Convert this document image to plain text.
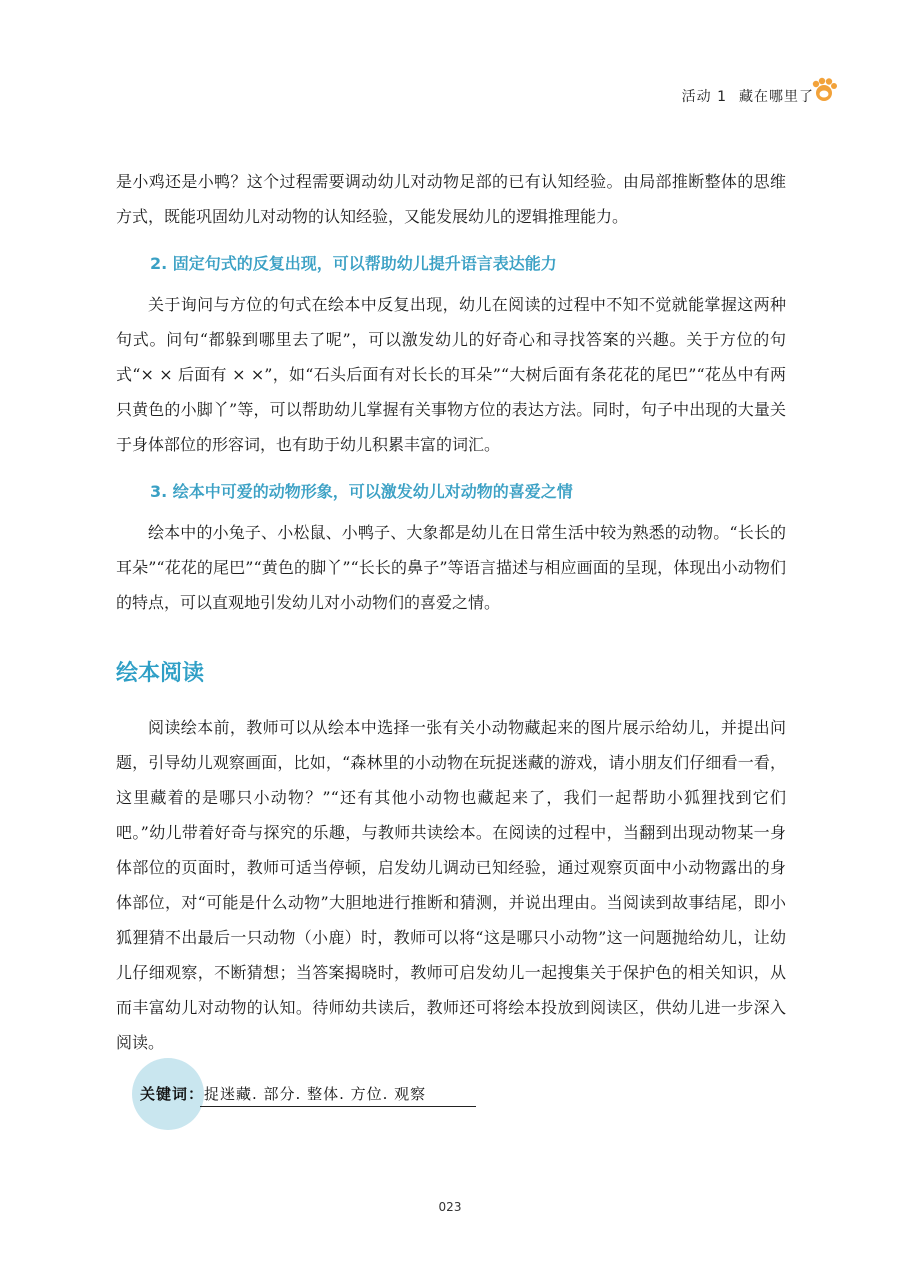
活动 1 藏在哪里了

是小鸡还是小鸭？这个过程需要调动幼儿对动物足部的已有认知经验。由局部推断整体的思维方式，既能巩固幼儿对动物的认知经验，又能发展幼儿的逻辑推理能力。

2. 固定句式的反复出现，可以帮助幼儿提升语言表达能力

关于询问与方位的句式在绘本中反复出现，幼儿在阅读的过程中不知不觉就能掌握这两种句式。问句“都躲到哪里去了呢”，可以激发幼儿的好奇心和寻找答案的兴趣。关于方位的句式“× × 后面有 × ×”，如“石头后面有对长长的耳朵”“大树后面有条花花的尾巴”“花丛中有两只黄色的小脚丫”等，可以帮助幼儿掌握有关事物方位的表达方法。同时，句子中出现的大量关于身体部位的形容词，也有助于幼儿积累丰富的词汇。

3. 绘本中可爱的动物形象，可以激发幼儿对动物的喜爱之情

绘本中的小兔子、小松鼠、小鸭子、大象都是幼儿在日常生活中较为熟悉的动物。“长长的耳朵”“花花的尾巴”“黄色的脚丫”“长长的鼻子”等语言描述与相应画面的呈现，体现出小动物们的特点，可以直观地引发幼儿对小动物们的喜爱之情。

绘本阅读

阅读绘本前，教师可以从绘本中选择一张有关小动物藏起来的图片展示给幼儿，并提出问题，引导幼儿观察画面，比如，“森林里的小动物在玩捉迷藏的游戏，请小朋友们仔细看一看，这里藏着的是哪只小动物？”“还有其他小动物也藏起来了，我们一起帮助小狐狸找到它们吧。”幼儿带着好奇与探究的乐趣，与教师共读绘本。在阅读的过程中，当翻到出现动物某一身体部位的页面时，教师可适当停顿，启发幼儿调动已知经验，通过观察页面中小动物露出的身体部位，对“可能是什么动物”大胆地进行推断和猜测，并说出理由。当阅读到故事结尾，即小狐狸猜不出最后一只动物（小鹿）时，教师可以将“这是哪只小动物”这一问题抛给幼儿，让幼儿仔细观察，不断猜想；当答案揭晓时，教师可启发幼儿一起搜集关于保护色的相关知识，从而丰富幼儿对动物的认知。待师幼共读后，教师还可将绘本投放到阅读区，供幼儿进一步深入阅读。

关键词：捉迷藏. 部分. 整体. 方位. 观察
023
